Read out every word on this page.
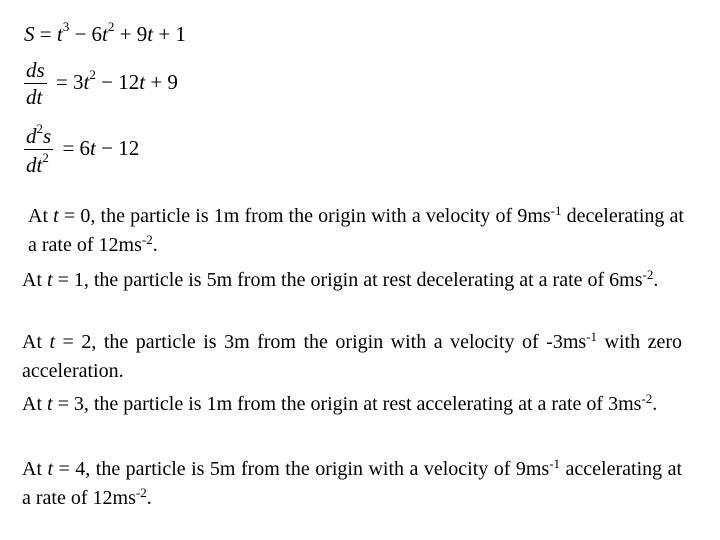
$S = t^3 - 6t^2 + 9t + 1$
$\frac{ds}{dt} = 3t^2 - 12t + 9$
$\frac{d^2s}{dt^2} = 6t - 12$

At t = 0, the particle is 1m from the origin with a velocity of $9ms^{-1}$ decelerating at a rate of $12ms^{-2}$.

At t = 1, the particle is 5m from the origin at rest decelerating at a rate of $6ms^{-2}$.

At t = 2, the particle is 3m from the origin with a velocity of $-3ms^{-1}$ with zero acceleration.

At t = 3, the particle is 1m from the origin at rest accelerating at a rate of $3ms^{-2}$.

At t = 4, the particle is 5m from the origin with a velocity of $9ms^{-1}$ accelerating at a rate of $12ms^{-2}$.
